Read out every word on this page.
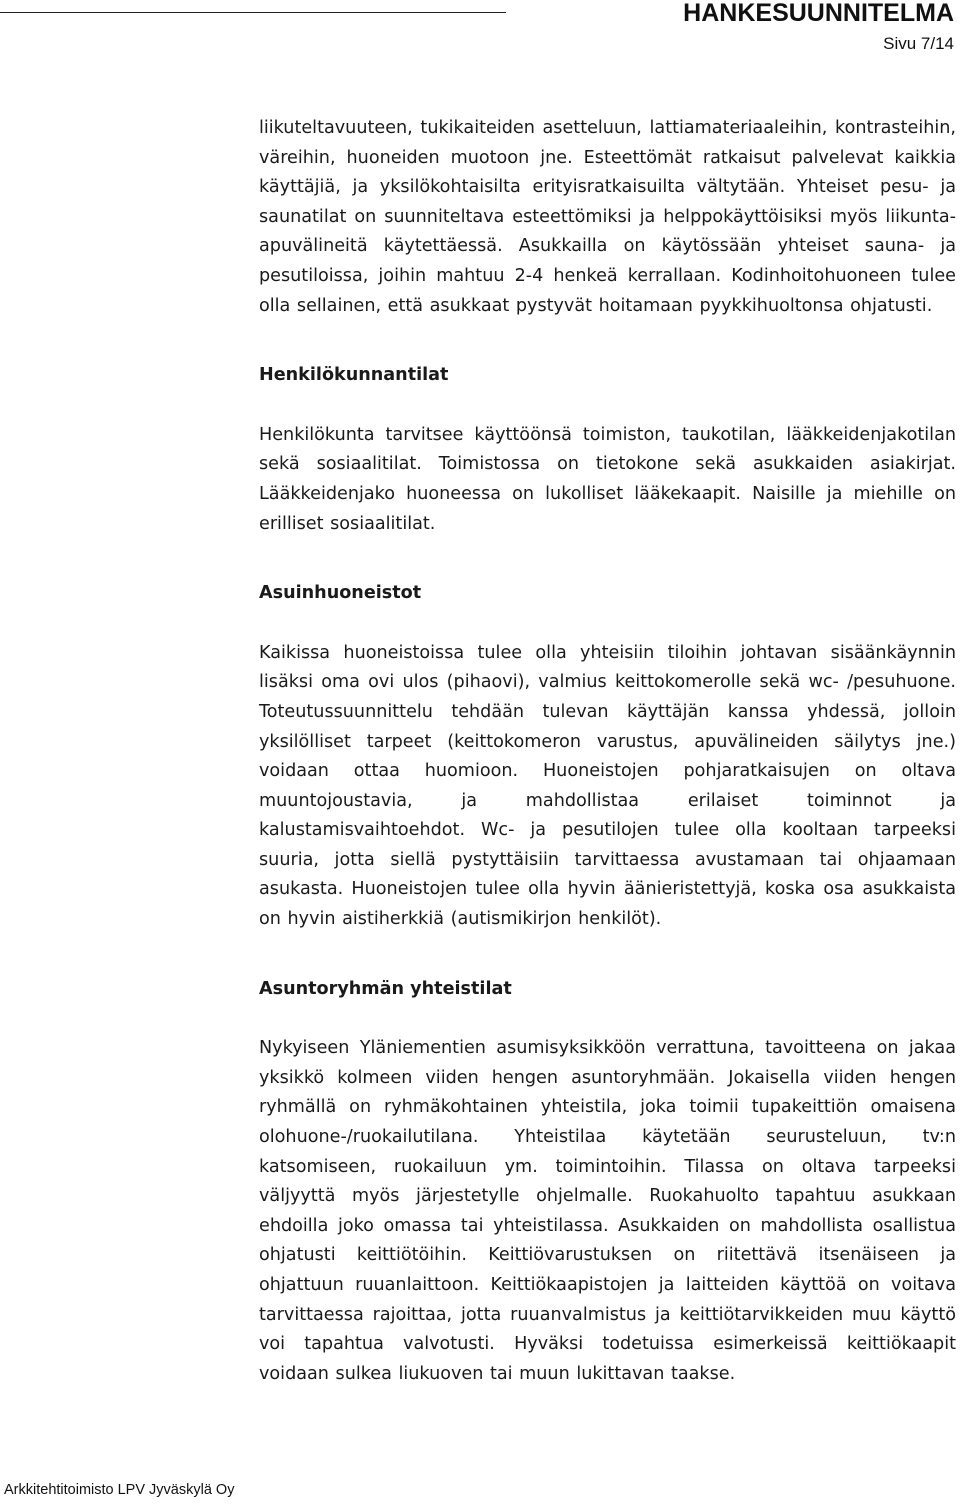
HANKESUUNNITELMA
Sivu 7/14

liikuteltavuuteen, tukikaiteiden asetteluun, lattiamateriaaleihin, kontrasteihin, väreihin, huoneiden muotoon jne. Esteettömät ratkaisut palvelevat kaikkia käyttäjiä, ja yksilökohtaisilta erityisratkaisuilta vältytään. Yhteiset pesu- ja saunatilat on suunniteltava esteettömiksi ja helppokäyttöisiksi myös liikunta-apuvälineitä käytettäessä. Asukkailla on käytössään yhteiset sauna- ja pesutiloissa, joihin mahtuu 2-4 henkeä kerrallaan. Kodinhoitohuoneen tulee olla sellainen, että asukkaat pystyvät hoitamaan pyykkihuoltonsa ohjatusti.

Henkilökunnantilat

Henkilökunta tarvitsee käyttöönsä toimiston, taukotilan, lääkkeidenjakotilan sekä sosiaalitilat. Toimistossa on tietokone sekä asukkaiden asiakirjat. Lääkkeidenjako huoneessa on lukolliset lääkekaapit. Naisille ja miehille on erilliset sosiaalitilat.

Asuinhuoneistot

Kaikissa huoneistoissa tulee olla yhteisiin tiloihin johtavan sisäänkäynnin lisäksi oma ovi ulos (pihaovi), valmius keittokomerolle sekä wc- /pesuhuone. Toteutussuunnittelu tehdään tulevan käyttäjän kanssa yhdessä, jolloin yksilölliset tarpeet (keittokomeron varustus, apuvälineiden säilytys jne.) voidaan ottaa huomioon. Huoneistojen pohjaratkaisujen on oltava muuntojoustavia, ja mahdollistaa erilaiset toiminnot ja kalustamisvaihtoehdot. Wc- ja pesutilojen tulee olla kooltaan tarpeeksi suuria, jotta siellä pystyttäisiin tarvittaessa avustamaan tai ohjaamaan asukasta. Huoneistojen tulee olla hyvin äänieristettyjä, koska osa asukkaista on hyvin aistiherkkiä (autismikirjon henkilöt).

Asuntoryhmän yhteistilat

Nykyiseen Yläniementien asumisyksikköön verrattuna, tavoitteena on jakaa yksikkö kolmeen viiden hengen asuntoryhmään. Jokaisella viiden hengen ryhmällä on ryhmäkohtainen yhteistila, joka toimii tupakeittiön omaisena olohuone-/ruokailutilana. Yhteistilaa käytetään seurusteluun, tv:n katsomiseen, ruokailuun ym. toimintoihin. Tilassa on oltava tarpeeksi väljyyttä myös järjestetylle ohjelmalle. Ruokahuolto tapahtuu asukkaan ehdoilla joko omassa tai yhteistilassa. Asukkaiden on mahdollista osallistua ohjatusti keittiötöihin. Keittiövarustuksen on riitettävä itsenäiseen ja ohjattuun ruuanlaittoon. Keittiökaapistojen ja laitteiden käyttöä on voitava tarvittaessa rajoittaa, jotta ruuanvalmistus ja keittiötarvikkeiden muu käyttö voi tapahtua valvotusti. Hyväksi todetuissa esimerkeissä keittiökaapit voidaan sulkea liukuoven tai muun lukittavan taakse.

Arkkitehtitoimisto LPV Jyväskylä Oy
